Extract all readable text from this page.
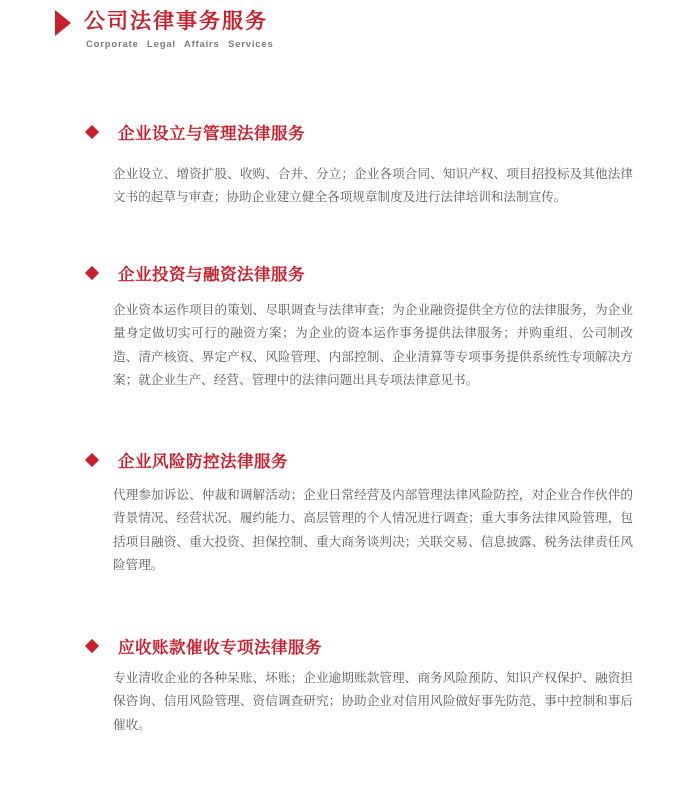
公司法律事务服务
Corporate Legal Affairs Services
企业设立与管理法律服务

企业设立、增资扩股、收购、合并、分立；企业各项合同、知识产权、项目招投标及其他法律文书的起草与审查；协助企业建立健全各项规章制度及进行法律培训和法制宣传。

企业投资与融资法律服务

企业资本运作项目的策划、尽职调查与法律审查；为企业融资提供全方位的法律服务，为企业量身定做切实可行的融资方案；为企业的资本运作事务提供法律服务；并购重组、公司制改造、清产核资、界定产权、风险管理、内部控制、企业清算等专项事务提供系统性专项解决方案；就企业生产、经营、管理中的法律问题出具专项法律意见书。

企业风险防控法律服务

代理参加诉讼、仲裁和调解活动；企业日常经营及内部管理法律风险防控，对企业合作伙伴的背景情况、经营状况、履约能力、高层管理的个人情况进行调查；重大事务法律风险管理，包括项目融资、重大投资、担保控制、重大商务谈判决；关联交易、信息披露、税务法律责任风险管理。

应收账款催收专项法律服务

专业清收企业的各种呆账、坏账；企业逾期账款管理、商务风险预防、知识产权保护、融资担保咨询、信用风险管理、资信调查研究；协助企业对信用风险做好事先防范、事中控制和事后催收。
